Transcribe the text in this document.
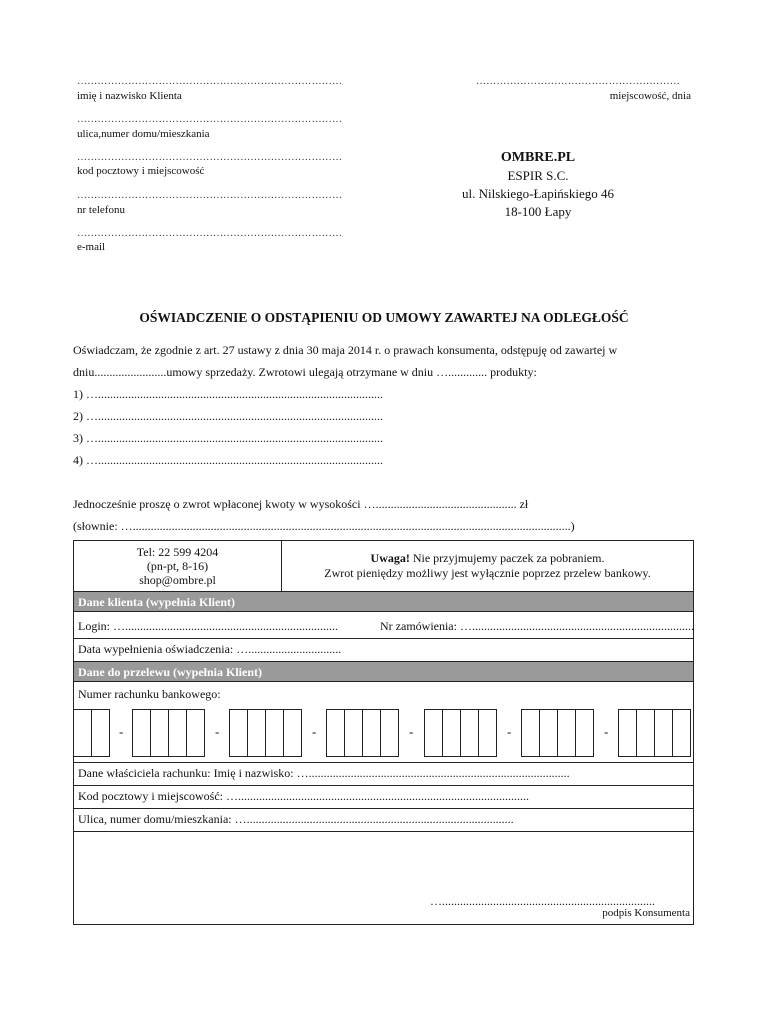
……………………………………………………………………
imię i nazwisko Klienta
……………………………………………………………………
ulica,numer domu/mieszkania
……………………………………………………………………
kod pocztowy i miejscowość
……………………………………………………………………
nr telefonu
……………………………………………………………………
e-mail
……………………………………………………
miejscowość, dnia
OMBRE.PL
ESPIR S.C.
ul. Nilskiego-Łapińskiego 46
18-100 Łapy
OŚWIADCZENIE O ODSTĄPIENIU OD UMOWY ZAWARTEJ NA ODLEGŁOŚĆ
Oświadczam, że zgodnie z art. 27 ustawy z dnia 30 maja 2014 r. o prawach konsumenta, odstępuję od zawartej w
dniu........................umowy sprzedaży. Zwrotowi ulegają otrzymane w dniu …............. produkty:
1) …...............................................................................................
2) …...............................................................................................
3) …...............................................................................................
4) …...............................................................................................
Jednocześnie proszę o zwrot wpłaconej kwoty w wysokości …............................................... zł
(słownie: …..................................................................................................................................................)
Tel: 22 599 4204
(pn-pt, 8-16)
shop@ombre.pl
Uwaga! Nie przyjmujemy paczek za pobraniem.
Zwrot pieniędzy możliwy jest wyłącznie poprzez przelew bankowy.
Dane klienta (wypełnia Klient)
Login: ….......................................................................	Nr zamówienia: …..........................................................................
Data wypełnienia oświadczenia: …...............................
Dane do przelewu (wypełnia Klient)
Numer rachunku bankowego:
-	-	-	-	-	-
Dane właściciela rachunku: Imię i nazwisko: ….......................................................................................
Kod pocztowy i miejscowość: ….................................................................................................
Ulica, numer domu/mieszkania: ….........................................................................................
….......................................................................
podpis Konsumenta
